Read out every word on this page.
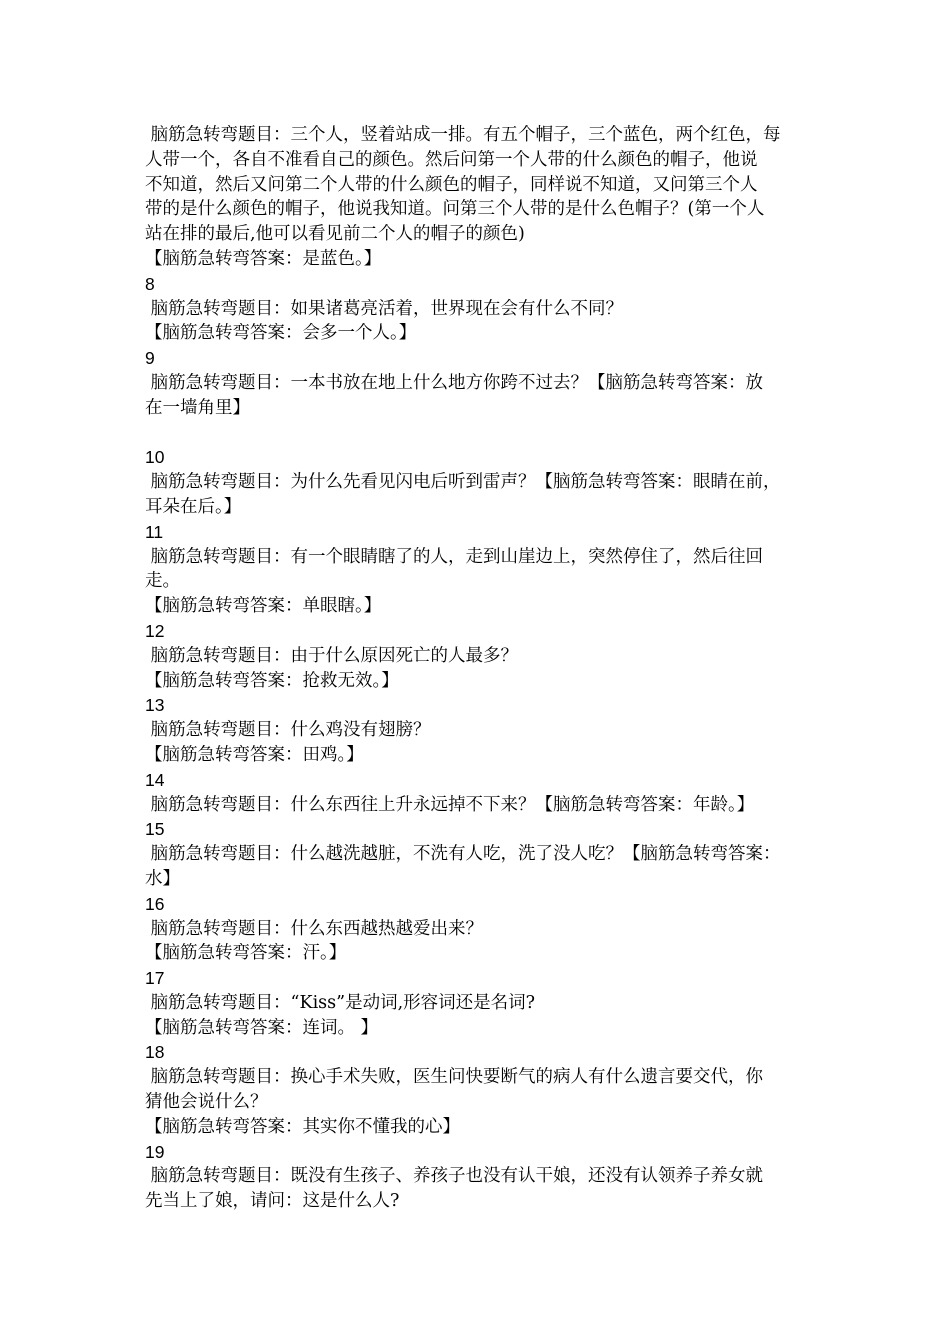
脑筋急转弯题目：三个人，竖着站成一排。有五个帽子，三个蓝色，两个红色，每
人带一个，各自不准看自己的颜色。然后问第一个人带的什么颜色的帽子，他说
不知道，然后又问第二个人带的什么颜色的帽子，同样说不知道，又问第三个人
带的是什么颜色的帽子，他说我知道。问第三个人带的是什么色帽子？(第一个人
站在排的最后,他可以看见前二个人的帽子的颜色)
【脑筋急转弯答案：是蓝色。】
8
脑筋急转弯题目：如果诸葛亮活着，世界现在会有什么不同？
【脑筋急转弯答案：会多一个人。】
9
脑筋急转弯题目：一本书放在地上什么地方你跨不过去？【脑筋急转弯答案：放
在一墙角里】
10
脑筋急转弯题目：为什么先看见闪电后听到雷声？【脑筋急转弯答案：眼睛在前，
耳朵在后。】
11
脑筋急转弯题目：有一个眼睛瞎了的人，走到山崖边上，突然停住了，然后往回
走。
【脑筋急转弯答案：单眼瞎。】
12
脑筋急转弯题目：由于什么原因死亡的人最多？
【脑筋急转弯答案：抢救无效。】
13
脑筋急转弯题目：什么鸡没有翅膀？
【脑筋急转弯答案：田鸡。】
14
脑筋急转弯题目：什么东西往上升永远掉不下来？【脑筋急转弯答案：年龄。】
15
脑筋急转弯题目：什么越洗越脏，不洗有人吃，洗了没人吃？【脑筋急转弯答案：
水】
16
脑筋急转弯题目：什么东西越热越爱出来？
【脑筋急转弯答案：汗。】
17
脑筋急转弯题目：“Kiss”是动词,形容词还是名词?
【脑筋急转弯答案：连词。 】
18
脑筋急转弯题目：换心手术失败，医生问快要断气的病人有什么遗言要交代，你
猜他会说什么？
【脑筋急转弯答案：其实你不懂我的心】
19
脑筋急转弯题目：既没有生孩子、养孩子也没有认干娘，还没有认领养子养女就
先当上了娘，请问：这是什么人?
